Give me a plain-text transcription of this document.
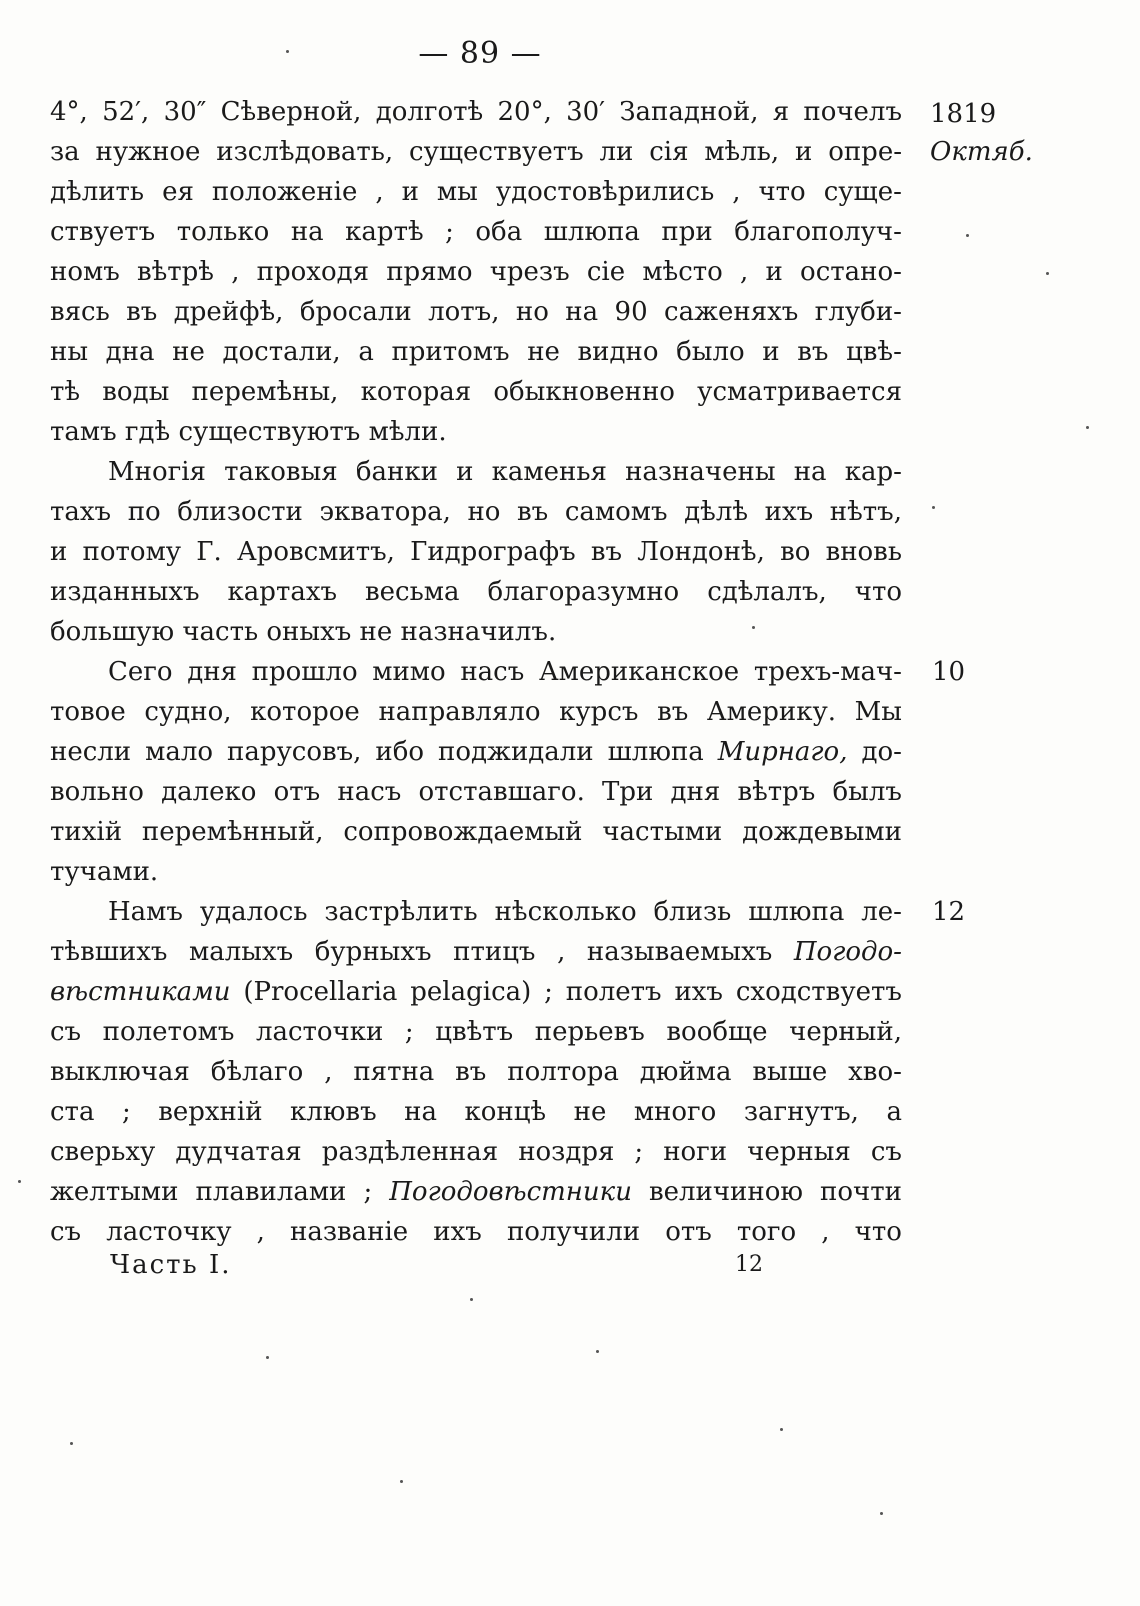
— 89 —
1819
Октяб.
10
12
4°, 52′, 30″ Сѣверной, долготѣ 20°, 30′ Западной, я почелъ
за нужное изслѣдовать, существуетъ ли сія мѣль, и опре-
дѣлить ея положеніе , и мы удостовѣрились , что суще-
ствуетъ только на картѣ ; оба шлюпа при благополуч-
номъ вѣтрѣ , проходя прямо чрезъ сіе мѣсто , и остано-
вясь въ дрейфѣ, бросали лотъ, но на 90 саженяхъ глуби-
ны дна не достали, а притомъ не видно было и въ цвѣ-
тѣ воды перемѣны, которая обыкновенно усматривается
тамъ гдѣ существуютъ мѣли.
Многія таковыя банки и каменья назначены на кар-
тахъ по близости экватора, но въ самомъ дѣлѣ ихъ нѣтъ,
и потому Г. Аровсмитъ, Гидрографъ въ Лондонѣ, во вновь
изданныхъ картахъ весьма благоразумно сдѣлалъ, что
большую часть оныхъ не назначилъ.
Сего дня прошло мимо насъ Американское трехъ-мач-
товое судно, которое направляло курсъ въ Америку. Мы
несли мало парусовъ, ибо поджидали шлюпа Мирнаго, до-
вольно далеко отъ насъ отставшаго. Три дня вѣтръ былъ
тихій перемѣнный, сопровождаемый частыми дождевыми
тучами.
Намъ удалось застрѣлить нѣсколько близь шлюпа ле-
тѣвшихъ малыхъ бурныхъ птицъ , называемыхъ Погодо-
вѣстниками (Procellaria pelagica) ; полетъ ихъ сходствуетъ
съ полетомъ ласточки ; цвѣтъ перьевъ вообще черный,
выключая бѣлаго , пятна въ полтора дюйма выше хво-
ста ; верхній клювъ на концѣ не много загнутъ, а
сверьху дудчатая раздѣленная ноздря ; ноги черныя съ
желтыми плавилами ; Погодовѣстники величиною почти
съ ласточку , названіе ихъ получили отъ того , что
Часть I.	12
